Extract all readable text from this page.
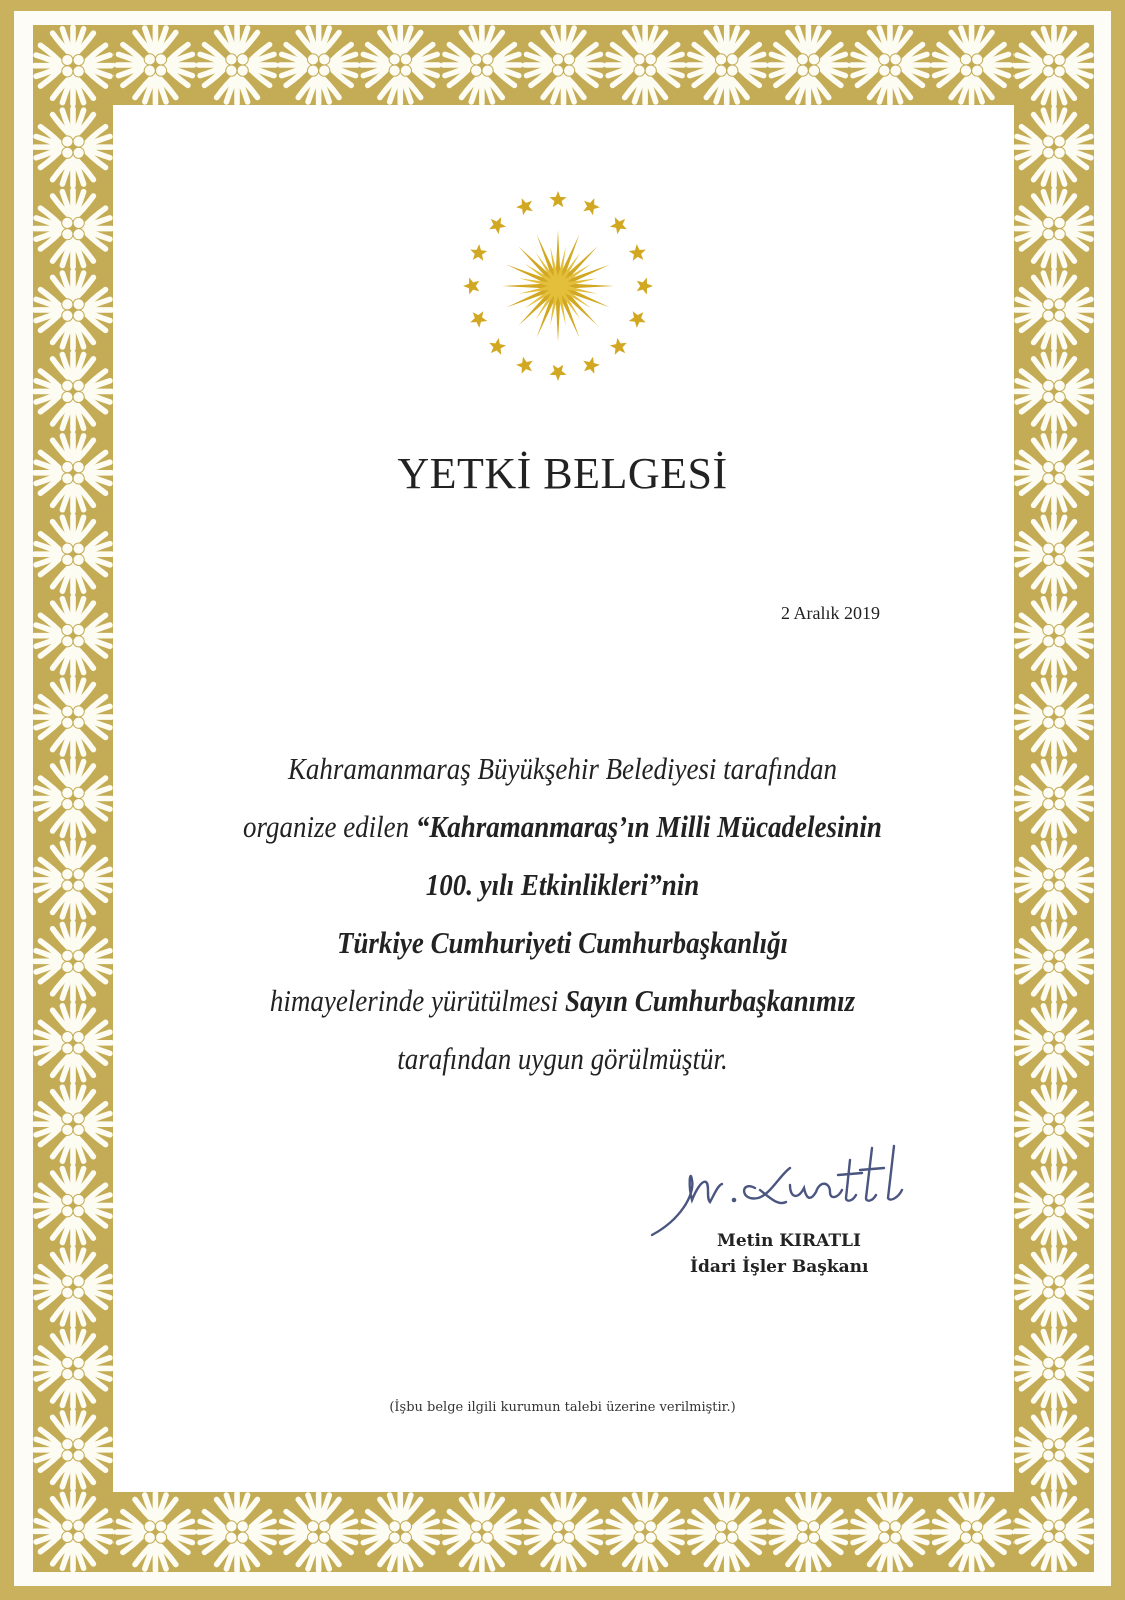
YETKİ BELGESİ
2 Aralık 2019
Kahramanmaraş Büyükşehir Belediyesi tarafından
organize edilen “Kahramanmaraş’ın Milli Mücadelesinin
100. yılı Etkinlikleri”nin
Türkiye Cumhuriyeti Cumhurbaşkanlığı
himayelerinde yürütülmesi Sayın Cumhurbaşkanımız
tarafından uygun görülmüştür.
Metin KIRATLI
İdari İşler Başkanı
(İşbu belge ilgili kurumun talebi üzerine verilmiştir.)
